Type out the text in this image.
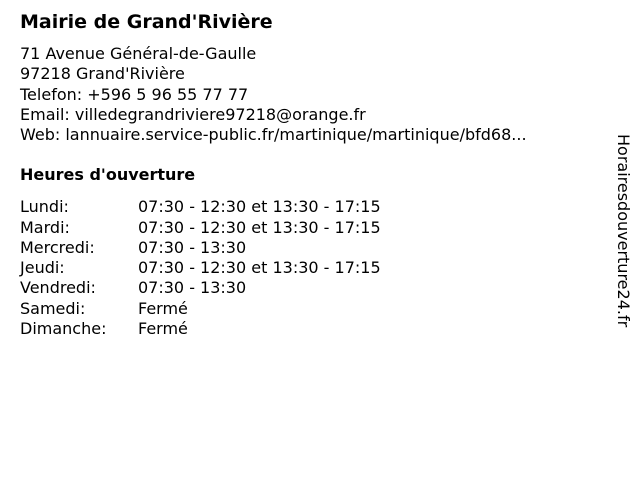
Mairie de Grand'Rivière
71 Avenue Général-de-Gaulle
97218 Grand'Rivière
Telefon: +596 5 96 55 77 77
Email: villedegrandriviere97218@orange.fr
Web: lannuaire.service-public.fr/martinique/martinique/bfd68...
Heures d'ouverture
Lundi:	07:30 - 12:30 et 13:30 - 17:15
Mardi:	07:30 - 12:30 et 13:30 - 17:15
Mercredi:	07:30 - 13:30
Jeudi:	07:30 - 12:30 et 13:30 - 17:15
Vendredi:	07:30 - 13:30
Samedi:	Fermé
Dimanche:	Fermé
Horairesdouverture24.fr
